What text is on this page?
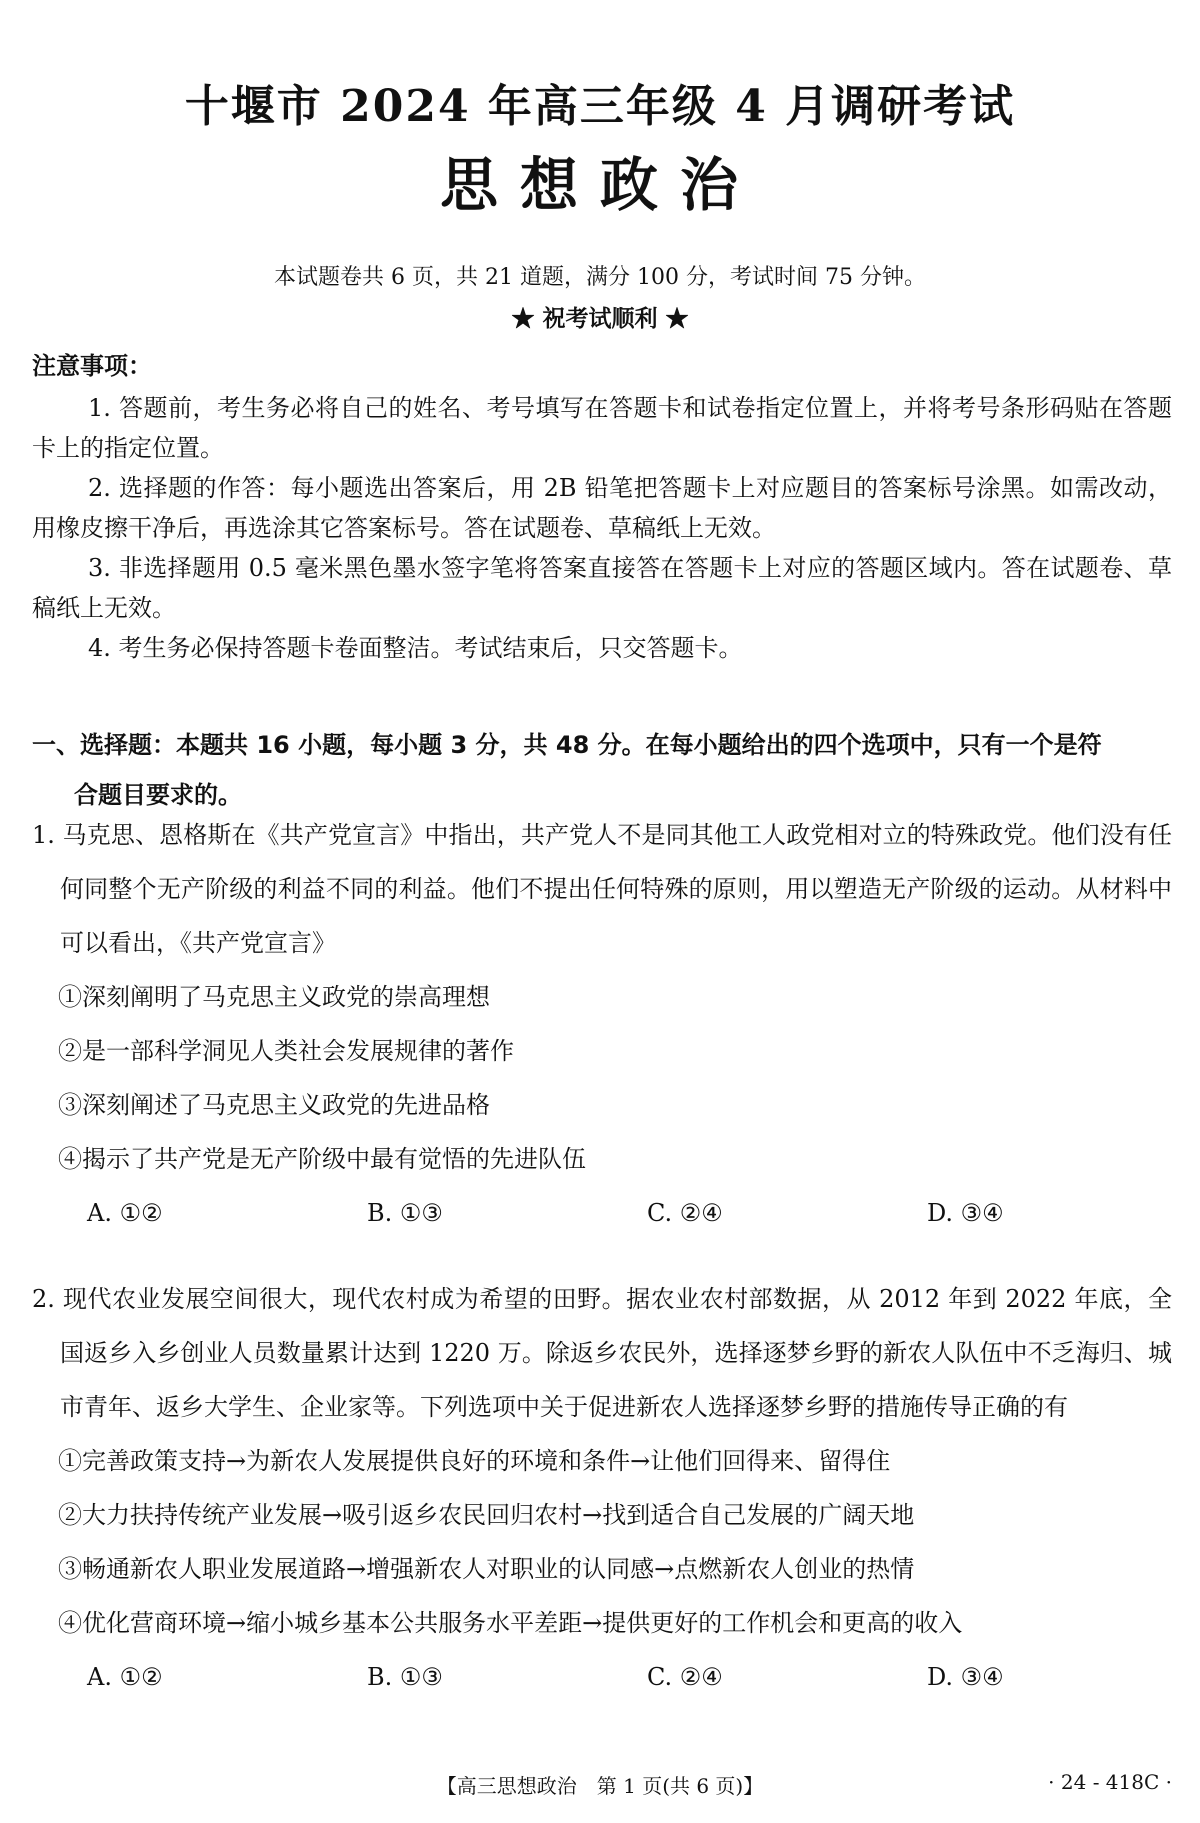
十堰市 2024 年高三年级 4 月调研考试
思想政治
本试题卷共 6 页，共 21 道题，满分 100 分，考试时间 75 分钟。
★ 祝考试顺利 ★
注意事项：

1. 答题前，考生务必将自己的姓名、考号填写在答题卡和试卷指定位置上，并将考号条形码贴在答题卡上的指定位置。

2. 选择题的作答：每小题选出答案后，用 2B 铅笔把答题卡上对应题目的答案标号涂黑。如需改动，用橡皮擦干净后，再选涂其它答案标号。答在试题卷、草稿纸上无效。

3. 非选择题用 0.5 毫米黑色墨水签字笔将答案直接答在答题卡上对应的答题区域内。答在试题卷、草稿纸上无效。

4. 考生务必保持答题卡卷面整洁。考试结束后，只交答题卡。

一、选择题：本题共 16 小题，每小题 3 分，共 48 分。在每小题给出的四个选项中，只有一个是符
合题目要求的。

1. 马克思、恩格斯在《共产党宣言》中指出，共产党人不是同其他工人政党相对立的特殊政党。他们没有任何同整个无产阶级的利益不同的利益。他们不提出任何特殊的原则，用以塑造无产阶级的运动。从材料中可以看出，《共产党宣言》

①深刻阐明了马克思主义政党的崇高理想

②是一部科学洞见人类社会发展规律的著作

③深刻阐述了马克思主义政党的先进品格

④揭示了共产党是无产阶级中最有觉悟的先进队伍

A. ①②	B. ①③	C. ②④	D. ③④

2. 现代农业发展空间很大，现代农村成为希望的田野。据农业农村部数据，从 2012 年到 2022 年底，全国返乡入乡创业人员数量累计达到 1220 万。除返乡农民外，选择逐梦乡野的新农人队伍中不乏海归、城市青年、返乡大学生、企业家等。下列选项中关于促进新农人选择逐梦乡野的措施传导正确的有

①完善政策支持→为新农人发展提供良好的环境和条件→让他们回得来、留得住

②大力扶持传统产业发展→吸引返乡农民回归农村→找到适合自己发展的广阔天地

③畅通新农人职业发展道路→增强新农人对职业的认同感→点燃新农人创业的热情

④优化营商环境→缩小城乡基本公共服务水平差距→提供更好的工作机会和更高的收入

A. ①②	B. ①③	C. ②④	D. ③④
【高三思想政治　第 1 页(共 6 页)】	· 24 - 418C ·
